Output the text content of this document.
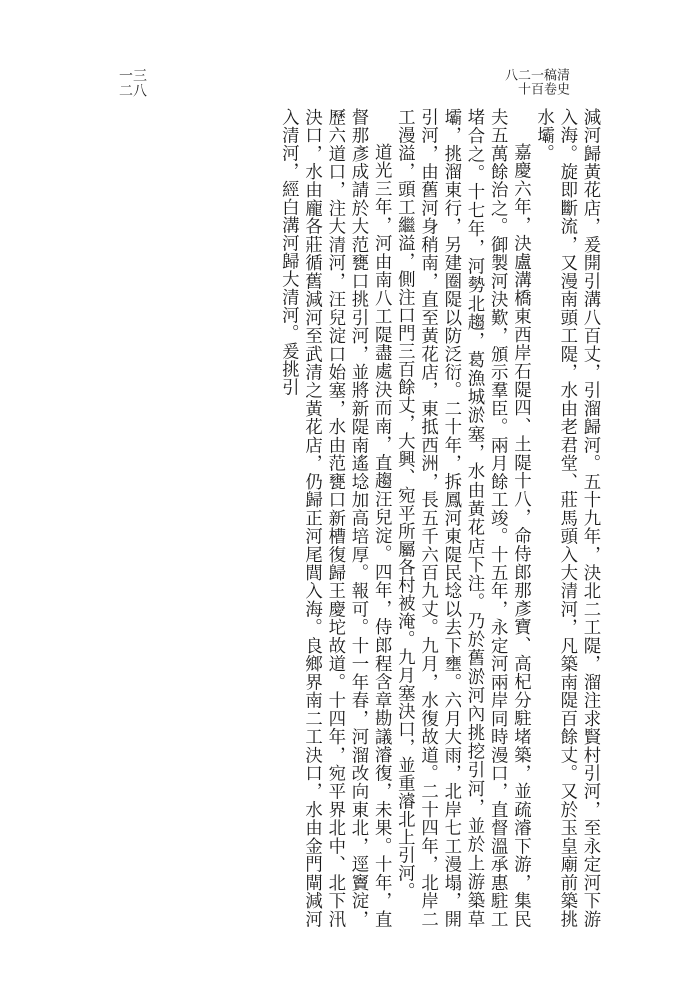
清史稿卷一百二十八
三八一二

減河歸黃花店，爰開引溝八百丈，引溜歸河。五十九年，決北二工隄，溜注求賢村引河，至永定河下游入海。旋即斷流，又漫南頭工隄，水由老君堂、莊馬頭入大清河，凡築南隄百餘丈。又於玉皇廟前築挑水壩。

嘉慶六年，決盧溝橋東西岸石隄四、土隄十八，命侍郎那彥寶、高杞分駐堵築，並疏濬下游，集民夫五萬餘治之。御製河決歎，頒示羣臣。兩月餘工竣。十五年，永定河兩岸同時漫口，直督溫承惠駐工堵合之。十七年，河勢北趨，葛漁城淤塞，水由黃花店下注。乃於舊淤河內挑挖引河，並於上游築草壩，挑溜東行，另建圈隄以防泛衍。二十年，拆鳳河東隄民埝以去下壅。六月大雨，北岸七工漫塌，開引河，由舊河身稍南，直至黃花店，東抵西洲，長五千六百九丈。九月，水復故道。二十四年，北岸二工漫溢，頭工繼溢，側注口門三百餘丈，大興、宛平所屬各村被淹。九月塞決口，並重濬北上引河。

道光三年，河由南八工隄盡處決而南，直趨汪兒淀。四年，侍郎程含章勘議濬復，未果。十年，直督那彥成請於大范甕口挑引河，並將新隄南遙埝加高培厚。報可。十一年春，河溜改向東北，逕竇淀，歷六道口，注大清河，汪兒淀口始塞，水由范甕口新槽復歸王慶坨故道。十四年，宛平界北中、北下汛決口，水由龐各莊循舊減河至武清之黃花店，仍歸正河尾閭入海。良鄉界南二工決口，水由金門閘減河入清河，經白溝河歸大清河。爰挑引
